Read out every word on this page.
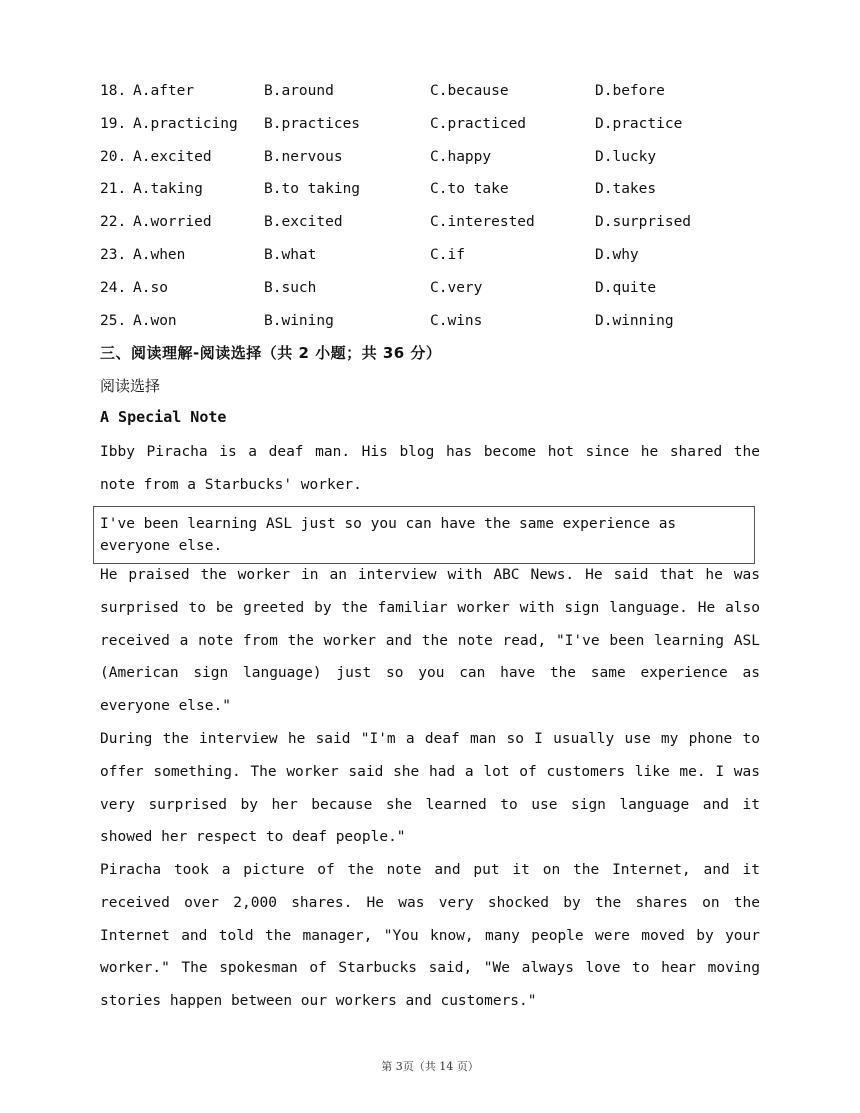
18. A.after	B.around	C.because	D.before
19. A.practicing B.practices	C.practiced	D.practice
20. A.excited	B.nervous	C.happy	D.lucky
21. A.taking	B.to taking	C.to take	D.takes
22. A.worried	B.excited	C.interested	D.surprised
23. A.when	B.what	C.if	D.why
24. A.so	B.such	C.very	D.quite
25. A.won	B.wining	C.wins	D.winning
三、阅读理解-阅读选择（共 2 小题；共 36 分）
阅读选择
A Special Note
Ibby Piracha is a deaf man. His blog has become hot since he shared the note from a Starbucks' worker.
I've been learning ASL just so you can have the same experience as everyone else.
He praised the worker in an interview with ABC News. He said that he was surprised to be greeted by the familiar worker with sign language. He also received a note from the worker and the note read, "I've been learning ASL (American sign language) just so you can have the same experience as everyone else."
During the interview he said "I'm a deaf man so I usually use my phone to offer something. The worker said she had a lot of customers like me. I was very surprised by her because she learned to use sign language and it showed her respect to deaf people."
Piracha took a picture of the note and put it on the Internet, and it received over 2,000 shares. He was very shocked by the shares on the Internet and told the manager, "You know, many people were moved by your worker." The spokesman of Starbucks said, "We always love to hear moving stories happen between our workers and customers."
第 3页（共 14 页）
